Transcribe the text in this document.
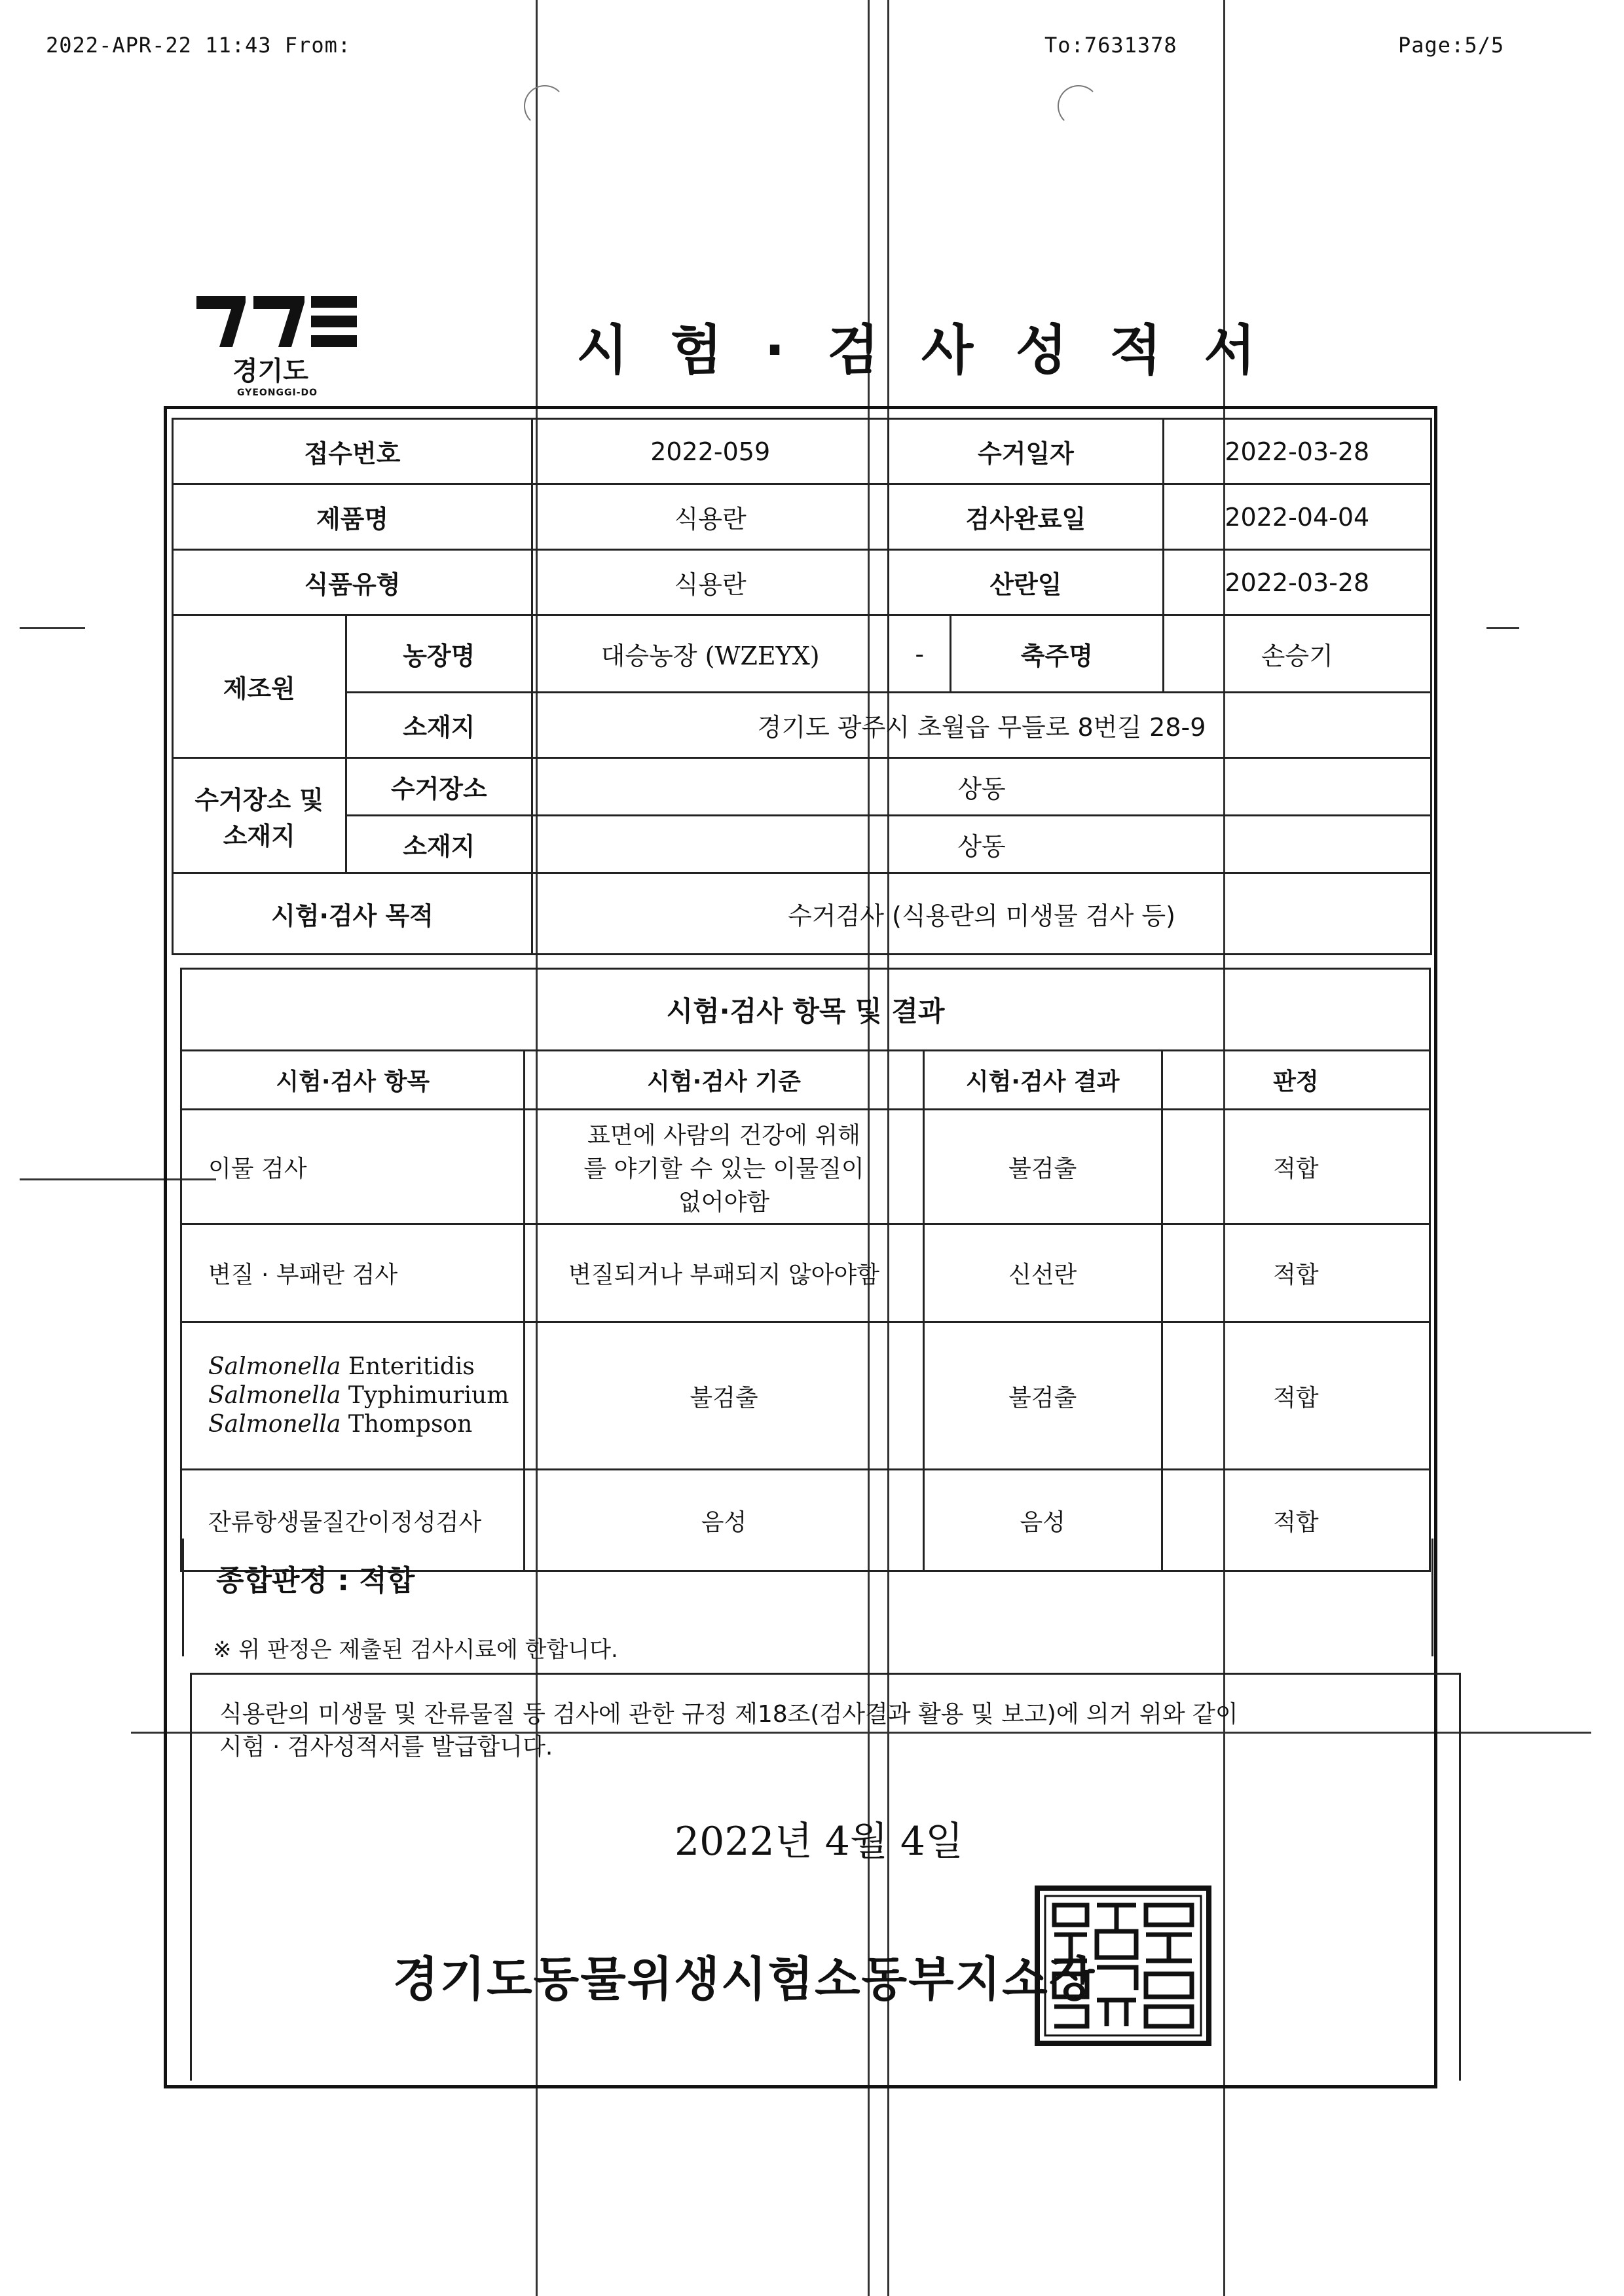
2022-APR-22 11:43 From:	To:7631378	Page:5/5
경기도
GYEONGGI-DO
시 험 · 검 사 성 적 서
접수번호		2022-059	수거일자		2022-03-28
제품명		식용란	검사완료일		2022-04-04
식품유형		식용란	산란일		2022-03-28
제조원	농장명	대승농장 (WZEYX)	-	축주명	손승기
	소재지	경기도 광주시 초월읍 무들로 8번길 28-9			
수거장소 및 소재지	수거장소	상동			
	소재지	상동			
시험·검사 목적		수거검사 (식용란의 미생물 검사 등)			
시험·검사 항목 및 결과			
시험·검사 항목	시험·검사 기준	시험·검사 결과	판정
이물 검사	표면에 사람의 건강에 위해를 야기할 수 있는 이물질이 없어야함	불검출	적합
변질 · 부패란 검사	변질되거나 부패되지 않아야함	신선란	적합

Salmonella Enteritidis
Salmonella Typhimurium
Salmonella Thompson	불검출	불검출	적합
잔류항생물질간이정성검사	음성	음성	적합
종합판정 : 적합
※ 위 판정은 제출된 검사시료에 한합니다.
식용란의 미생물 및 잔류물질 등 검사에 관한 규정 제18조(검사결과 활용 및 보고)에 의거 위와 같이
시험 · 검사성적서를 발급합니다.
2022년 4월 4일
경기도동물위생시험소동부지소장
